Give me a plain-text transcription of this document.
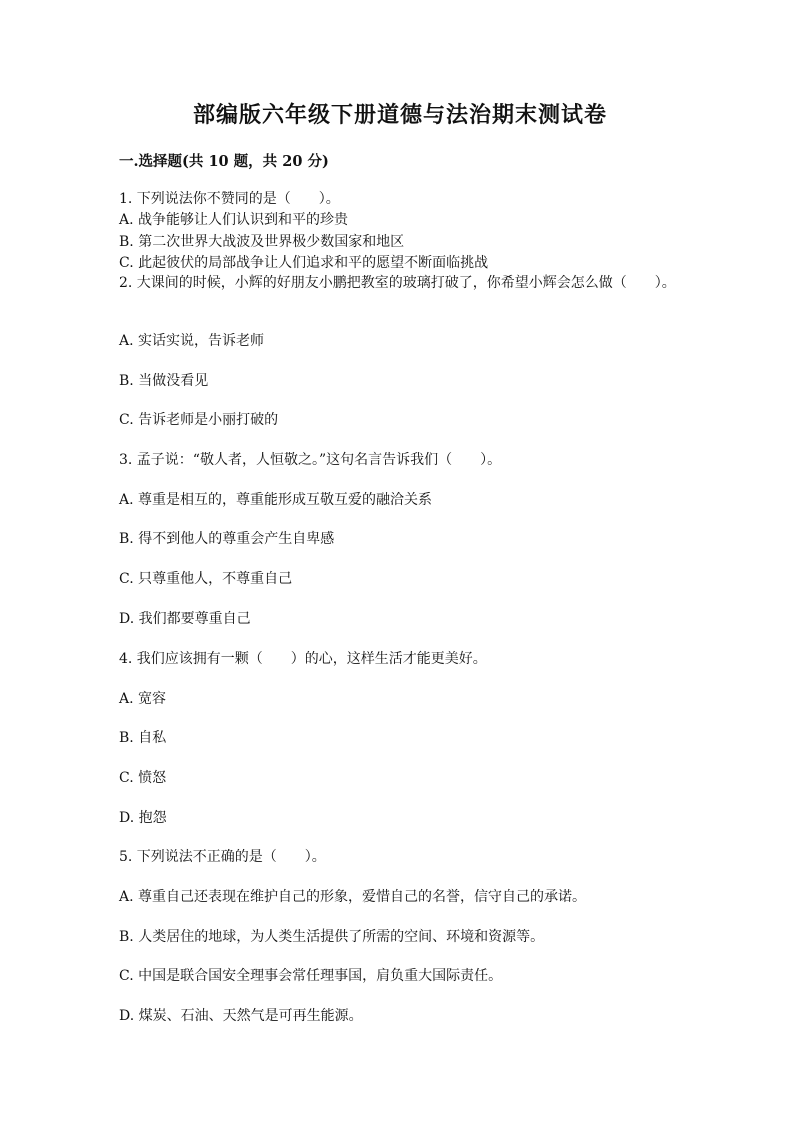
部编版六年级下册道德与法治期末测试卷
一.选择题(共 10 题，共 20 分)
1. 下列说法你不赞同的是（　　）。
A. 战争能够让人们认识到和平的珍贵
B. 第二次世界大战波及世界极少数国家和地区
C. 此起彼伏的局部战争让人们追求和平的愿望不断面临挑战
2. 大课间的时候，小辉的好朋友小鹏把教室的玻璃打破了，你希望小辉会怎么做（　　）。
A. 实话实说，告诉老师
B. 当做没看见
C. 告诉老师是小丽打破的
3. 孟子说：“敬人者，人恒敬之。”这句名言告诉我们（　　）。
A. 尊重是相互的，尊重能形成互敬互爱的融洽关系
B. 得不到他人的尊重会产生自卑感
C. 只尊重他人，不尊重自己
D. 我们都要尊重自己
4. 我们应该拥有一颗（　　）的心，这样生活才能更美好。
A. 宽容
B. 自私
C. 愤怒
D. 抱怨
5. 下列说法不正确的是（　　）。
A. 尊重自己还表现在维护自己的形象，爱惜自己的名誉，信守自己的承诺。
B. 人类居住的地球，为人类生活提供了所需的空间、环境和资源等。
C. 中国是联合国安全理事会常任理事国，肩负重大国际责任。
D. 煤炭、石油、天然气是可再生能源。
